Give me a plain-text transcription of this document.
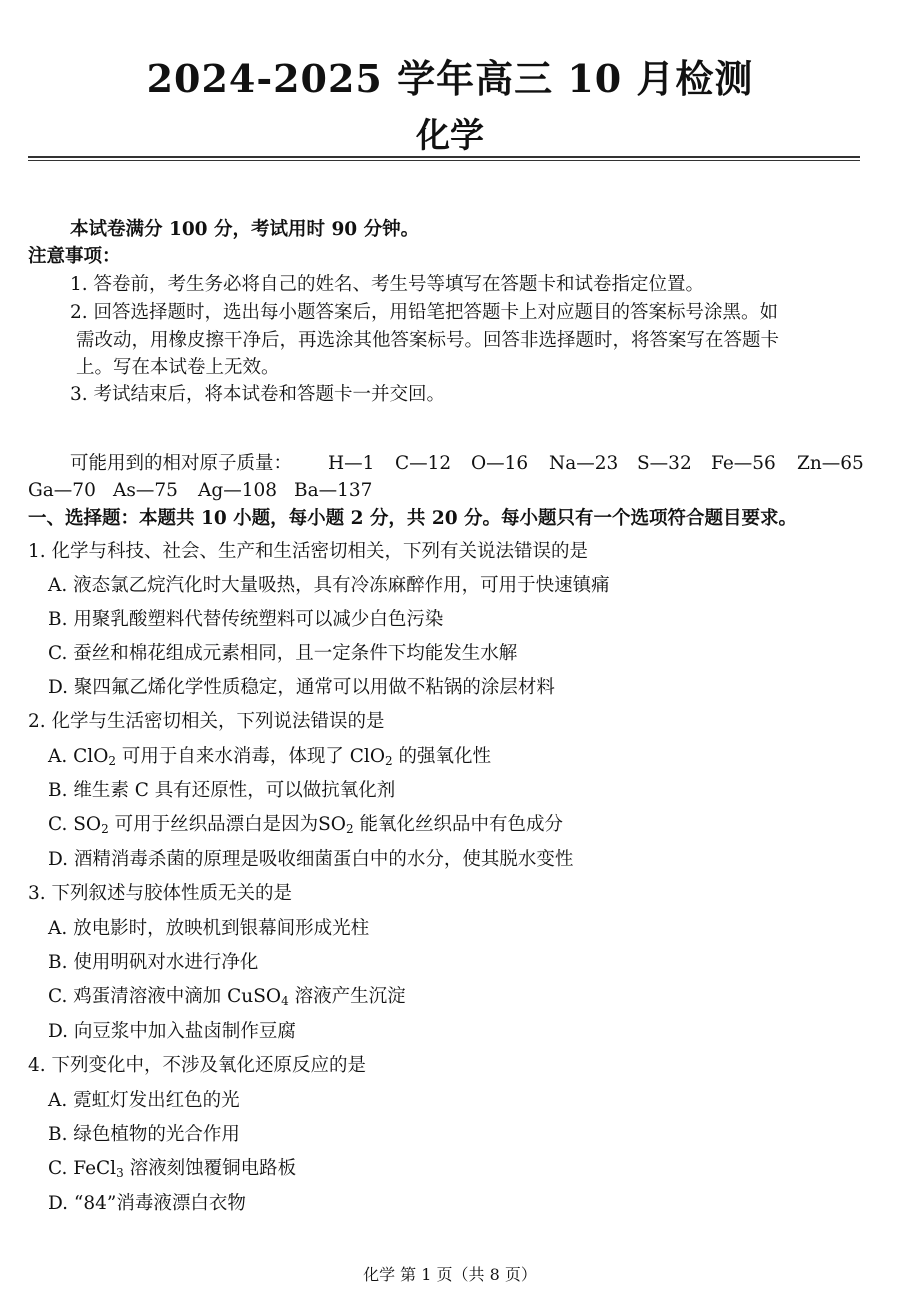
2024-2025 学年高三 10 月检测
化学
本试卷满分 100 分，考试用时 90 分钟。
注意事项：
1. 答卷前，考生务必将自己的姓名、考生号等填写在答题卡和试卷指定位置。
2. 回答选择题时，选出每小题答案后，用铅笔把答题卡上对应题目的答案标号涂黑。如
需改动，用橡皮擦干净后，再选涂其他答案标号。回答非选择题时，将答案写在答题卡
上。写在本试卷上无效。
3. 考试结束后，将本试卷和答题卡一并交回。
可能用到的相对原子质量： H—1 C—12 O—16 Na—23 S—32 Fe—56 Zn—65
Ga—70 As—75 Ag—108 Ba—137
一、选择题：本题共 10 小题，每小题 2 分，共 20 分。每小题只有一个选项符合题目要求。
1. 化学与科技、社会、生产和生活密切相关，下列有关说法错误的是
A. 液态氯乙烷汽化时大量吸热，具有冷冻麻醉作用，可用于快速镇痛
B. 用聚乳酸塑料代替传统塑料可以减少白色污染
C. 蚕丝和棉花组成元素相同，且一定条件下均能发生水解
D. 聚四氟乙烯化学性质稳定，通常可以用做不粘锅的涂层材料
2. 化学与生活密切相关，下列说法错误的是
A. ClO$_2$ 可用于自来水消毒，体现了 ClO$_2$ 的强氧化性
B. 维生素 C 具有还原性，可以做抗氧化剂
C. $SO_2$ 可用于丝织品漂白是因为$SO_2$ 能氧化丝织品中有色成分
D. 酒精消毒杀菌的原理是吸收细菌蛋白中的水分，使其脱水变性
3. 下列叙述与胶体性质无关的是
A. 放电影时，放映机到银幕间形成光柱
B. 使用明矾对水进行净化
C. 鸡蛋清溶液中滴加 CuSO$_4$ 溶液产生沉淀
D. 向豆浆中加入盐卤制作豆腐
4. 下列变化中，不涉及氧化还原反应的是
A. 霓虹灯发出红色的光
B. 绿色植物的光合作用
C. FeCl$_3$ 溶液刻蚀覆铜电路板
D. “84”消毒液漂白衣物
化学 第 1 页（共 8 页）
